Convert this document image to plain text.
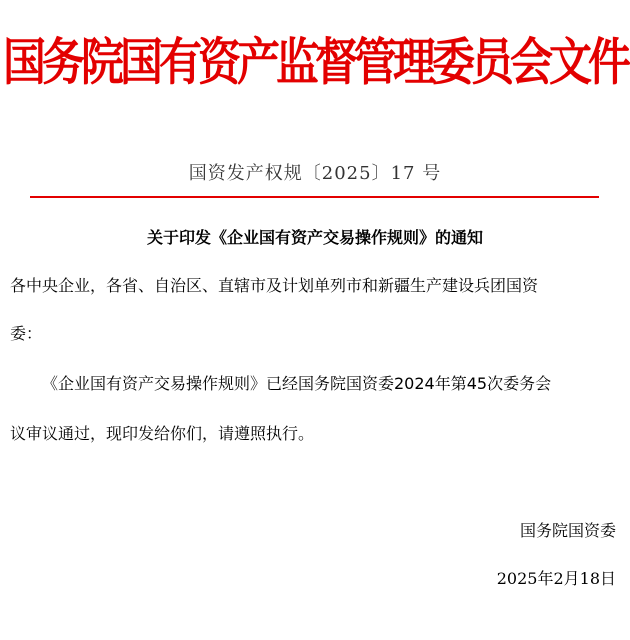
国务院国有资产监督管理委员会文件
国资发产权规〔2025〕17 号
关于印发《企业国有资产交易操作规则》的通知
各中央企业，各省、自治区、直辖市及计划单列市和新疆生产建设兵团国资
委：
《企业国有资产交易操作规则》已经国务院国资委2024年第45次委务会
议审议通过，现印发给你们，请遵照执行。
国务院国资委
2025年2月18日
